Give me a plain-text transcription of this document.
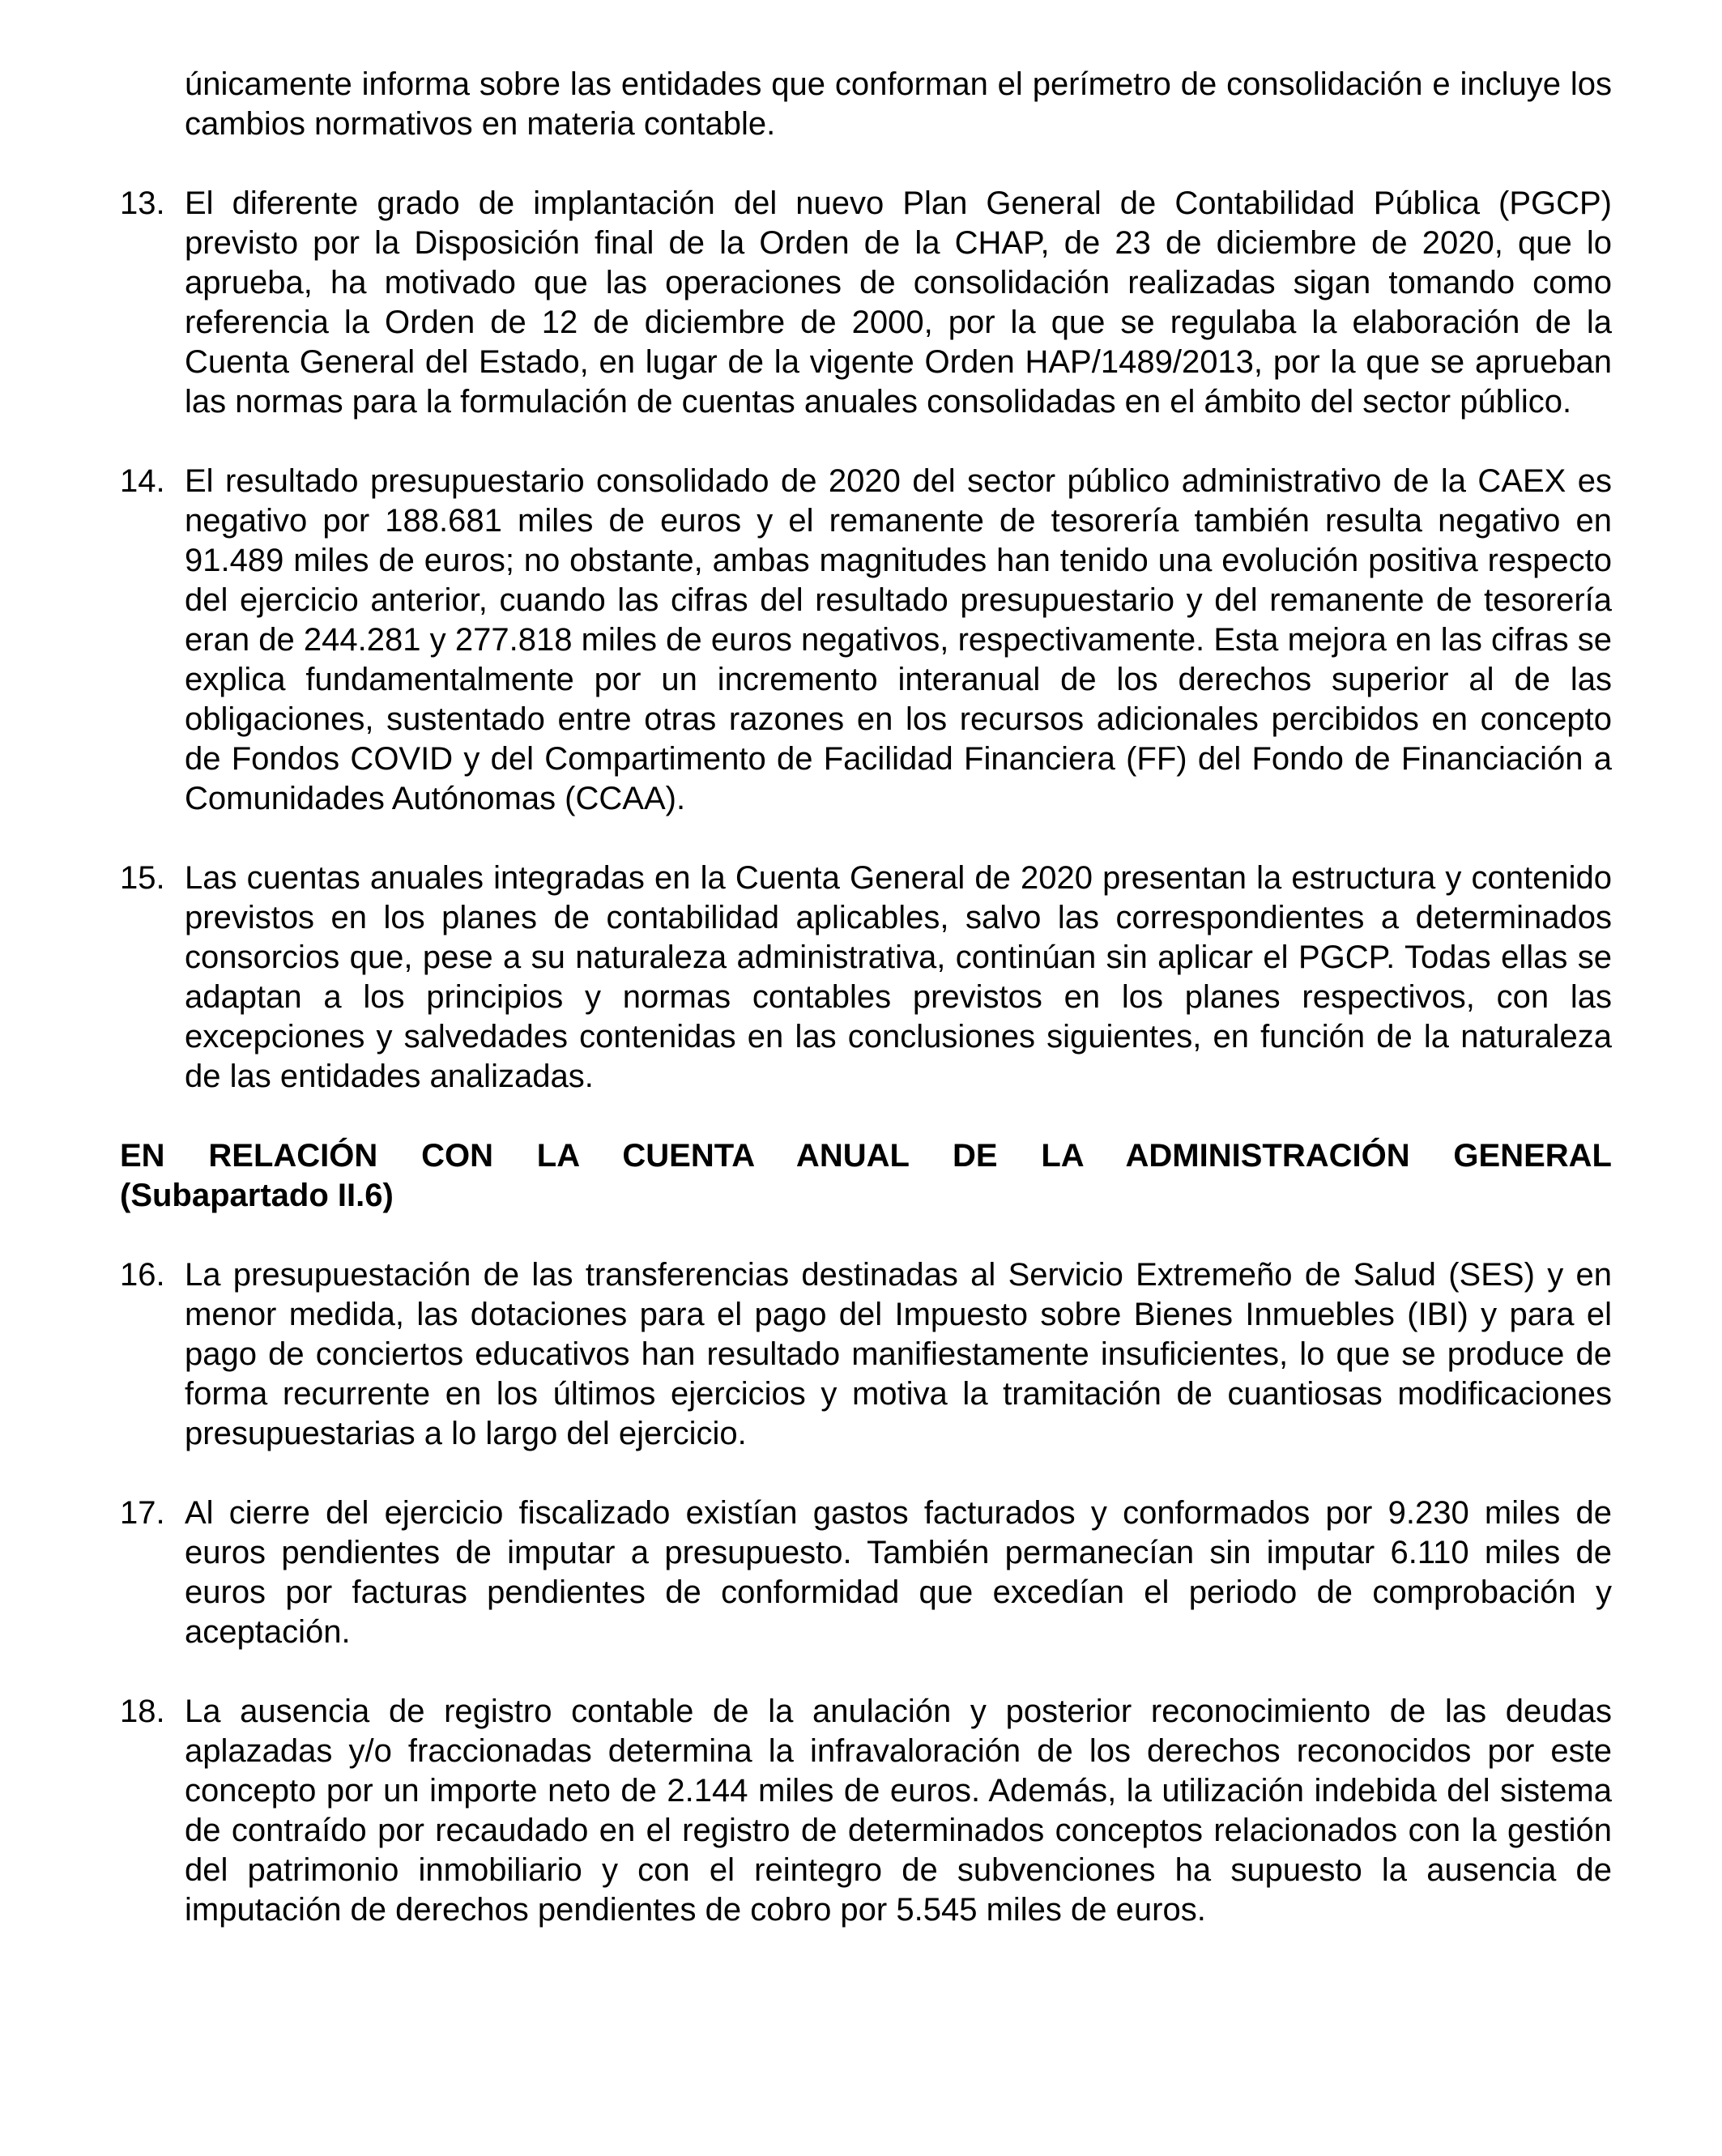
únicamente informa sobre las entidades que conforman el perímetro de consolidación e incluye los cambios normativos en materia contable.

13. El diferente grado de implantación del nuevo Plan General de Contabilidad Pública (PGCP) previsto por la Disposición final de la Orden de la CHAP, de 23 de diciembre de 2020, que lo aprueba, ha motivado que las operaciones de consolidación realizadas sigan tomando como referencia la Orden de 12 de diciembre de 2000, por la que se regulaba la elaboración de la Cuenta General del Estado, en lugar de la vigente Orden HAP/1489/2013, por la que se aprueban las normas para la formulación de cuentas anuales consolidadas en el ámbito del sector público.
14. El resultado presupuestario consolidado de 2020 del sector público administrativo de la CAEX es negativo por 188.681 miles de euros y el remanente de tesorería también resulta negativo en 91.489 miles de euros; no obstante, ambas magnitudes han tenido una evolución positiva respecto del ejercicio anterior, cuando las cifras del resultado presupuestario y del remanente de tesorería eran de 244.281 y 277.818 miles de euros negativos, respectivamente. Esta mejora en las cifras se explica fundamentalmente por un incremento interanual de los derechos superior al de las obligaciones, sustentado entre otras razones en los recursos adicionales percibidos en concepto de Fondos COVID y del Compartimento de Facilidad Financiera (FF) del Fondo de Financiación a Comunidades Autónomas (CCAA).
15. Las cuentas anuales integradas en la Cuenta General de 2020 presentan la estructura y contenido previstos en los planes de contabilidad aplicables, salvo las correspondientes a determinados consorcios que, pese a su naturaleza administrativa, continúan sin aplicar el PGCP. Todas ellas se adaptan a los principios y normas contables previstos en los planes respectivos, con las excepciones y salvedades contenidas en las conclusiones siguientes, en función de la naturaleza de las entidades analizadas.
EN RELACIÓN CON LA CUENTA ANUAL DE LA ADMINISTRACIÓN GENERAL
(Subapartado II.6)
16. La presupuestación de las transferencias destinadas al Servicio Extremeño de Salud (SES) y en menor medida, las dotaciones para el pago del Impuesto sobre Bienes Inmuebles (IBI) y para el pago de conciertos educativos han resultado manifiestamente insuficientes, lo que se produce de forma recurrente en los últimos ejercicios y motiva la tramitación de cuantiosas modificaciones presupuestarias a lo largo del ejercicio.
17. Al cierre del ejercicio fiscalizado existían gastos facturados y conformados por 9.230 miles de euros pendientes de imputar a presupuesto. También permanecían sin imputar 6.110 miles de euros por facturas pendientes de conformidad que excedían el periodo de comprobación y aceptación.
18. La ausencia de registro contable de la anulación y posterior reconocimiento de las deudas aplazadas y/o fraccionadas determina la infravaloración de los derechos reconocidos por este concepto por un importe neto de 2.144 miles de euros. Además, la utilización indebida del sistema de contraído por recaudado en el registro de determinados conceptos relacionados con la gestión del patrimonio inmobiliario y con el reintegro de subvenciones ha supuesto la ausencia de imputación de derechos pendientes de cobro por 5.545 miles de euros.
